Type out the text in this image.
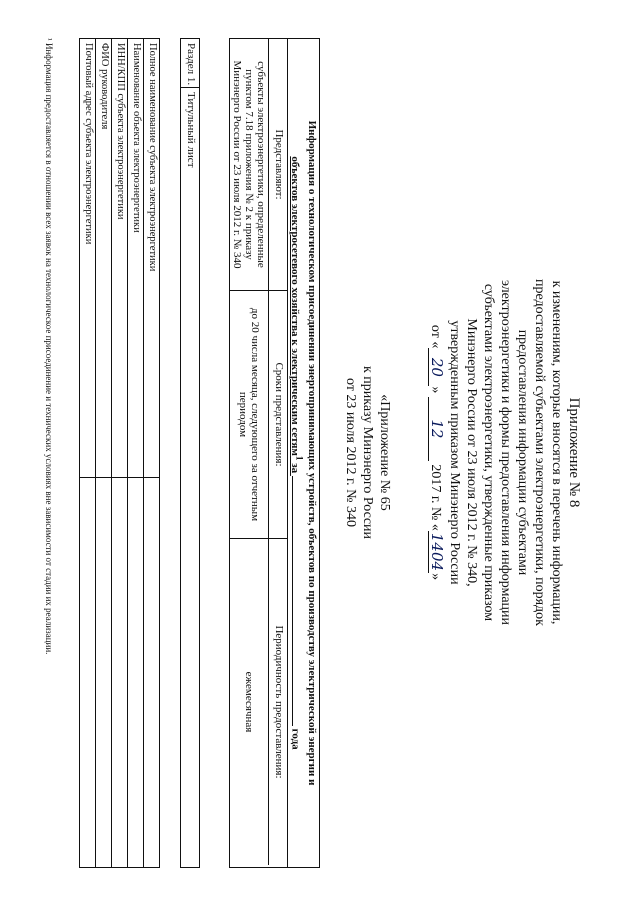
Приложение № 8
к изменениям, которые вносятся в перечень информации,
предоставляемой субъектами электроэнергетики, порядок
предоставления информации субъектами
электроэнергетики и формы предоставления информации
субъектами электроэнергетики, утвержденные приказом
Минэнерго России от 23 июля 2012 г. № 340,
утвержденным приказом Минэнерго России
от «20» 12 2017 г. № «1404»
«Приложение № 65
к приказу Минэнерго России
от 23 июля 2012 г. № 340
Информация о технологическом присоединении энергопринимающих устройств, объектов по производству электрической энергии и
объектов электросетевого хозяйства к электрическим сетям$^1$ за  года
Представляют:
Сроки представления:
Периодичность предоставления:
субъекты электроэнергетики, определенные пунктом 7.18 приложения № 2 к приказу Минэнерго России от 23 июля 2012 г. № 340
до 20 числа месяца, следующего за отчетным периодом
ежемесячная
Раздел 1.
Титульный лист
Полное наименование субъекта электроэнергетики
Наименование объекта электроэнергетики
ИНН/КПП субъекта электроэнергетики
ФИО руководителя
Почтовый адрес субъекта электроэнергетики
¹ Информация предоставляется в отношении всех заявок на технологическое присоединение и технических условиях вне зависимости от стадии их реализации.
